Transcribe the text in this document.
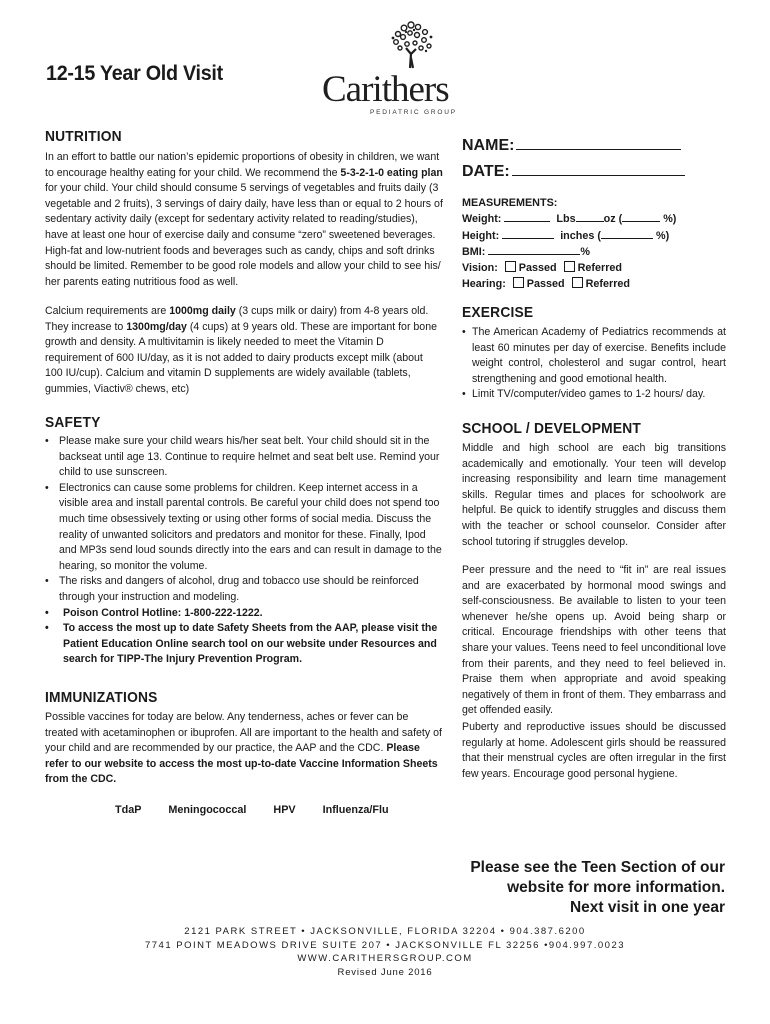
12-15 Year Old Visit	Carithers
PEDIATRIC GROUP
NUTRITION
In an effort to battle our nation’s epidemic proportions of obesity in children, we want to encourage healthy eating for your child. We recommend the 5-3-2-1-0 eating plan for your child. Your child should consume 5 servings of vegetables and fruits daily (3 vegetable and 2 fruits), 3 servings of dairy daily, have less than or equal to 2 hours of sedentary activity daily (except for sedentary activity related to reading/studies), have at least one hour of exercise daily and consume “zero” sweetened beverages. High-fat and low-nutrient foods and beverages such as candy, chips and soft drinks should be limited. Remember to be good role models and allow your child to see his/ her parents eating nutritious food as well.
Calcium requirements are 1000mg daily (3 cups milk or dairy) from 4-8 years old. They increase to 1300mg/day (4 cups) at 9 years old. These are important for bone growth and density. A multivitamin is likely needed to meet the Vitamin D requirement of 600 IU/day, as it is not added to dairy products except milk (about 100 IU/cup). Calcium and vitamin D supplements are widely available (tablets, gummies, Viactiv® chews, etc)
SAFETY
• Please make sure your child wears his/her seat belt. Your child should sit in the backseat until age 13. Continue to require helmet and seat belt use. Remind your child to use sunscreen.
• Electronics can cause some problems for children. Keep internet access in a visible area and install parental controls. Be careful your child does not spend too much time obsessively texting or using other forms of social media. Discuss the reality of unwanted solicitors and predators and monitor for these. Finally, Ipod and MP3s send loud sounds directly into the ears and can result in damage to the hearing, so monitor the volume.
• The risks and dangers of alcohol, drug and tobacco use should be reinforced through your instruction and modeling.
• Poison Control Hotline: 1-800-222-1222.
• To access the most up to date Safety Sheets from the AAP, please visit the Patient Education Online search tool on our website under Resources and search for TIPP-The Injury Prevention Program.
IMMUNIZATIONS
Possible vaccines for today are below. Any tenderness, aches or fever can be treated with acetaminophen or ibuprofen. All are important to the health and safety of your child and are recommended by our practice, the AAP and the CDC. Please refer to our website to access the most up-to-date Vaccine Information Sheets from the CDC.
TdaP	Meningococcal	HPV	Influenza/Flu
NAME:
DATE:
MEASUREMENTS:
Weight:	Lbs	oz (	%)
Height:	inches (	%)
BMI:	%
Vision: Passed Referred
Hearing: Passed Referred
EXERCISE
• The American Academy of Pediatrics recommends at least 60 minutes per day of exercise. Benefits include weight control, cholesterol and sugar control, heart strengthening and good emotional health.
• Limit TV/computer/video games to 1-2 hours/ day.
SCHOOL / DEVELOPMENT
Middle and high school are each big transitions academically and emotionally. Your teen will develop increasing responsibility and learn time management skills. Regular times and places for schoolwork are helpful. Be quick to identify struggles and discuss them with the teacher or school counselor. Consider after school tutoring if struggles develop.
Peer pressure and the need to “fit in” are real issues and are exacerbated by hormonal mood swings and self-consciousness. Be available to listen to your teen whenever he/she opens up. Avoid being sharp or critical. Encourage friendships with other teens that share your values. Teens need to feel unconditional love from their parents, and they need to feel believed in. Praise them when appropriate and avoid speaking negatively of them in front of them. They embarrass and get offended easily.
Puberty and reproductive issues should be discussed regularly at home. Adolescent girls should be reassured that their menstrual cycles are often irregular in the first few years. Encourage good personal hygiene.
Please see the Teen Section of our
website for more information.
Next visit in one year
2121 PARK STREET • JACKSONVILLE, FLORIDA 32204 • 904.387.6200
7741 POINT MEADOWS DRIVE SUITE 207 • JACKSONVILLE FL 32256 •904.997.0023
WWW.CARITHERSGROUP.COM
Revised June 2016
